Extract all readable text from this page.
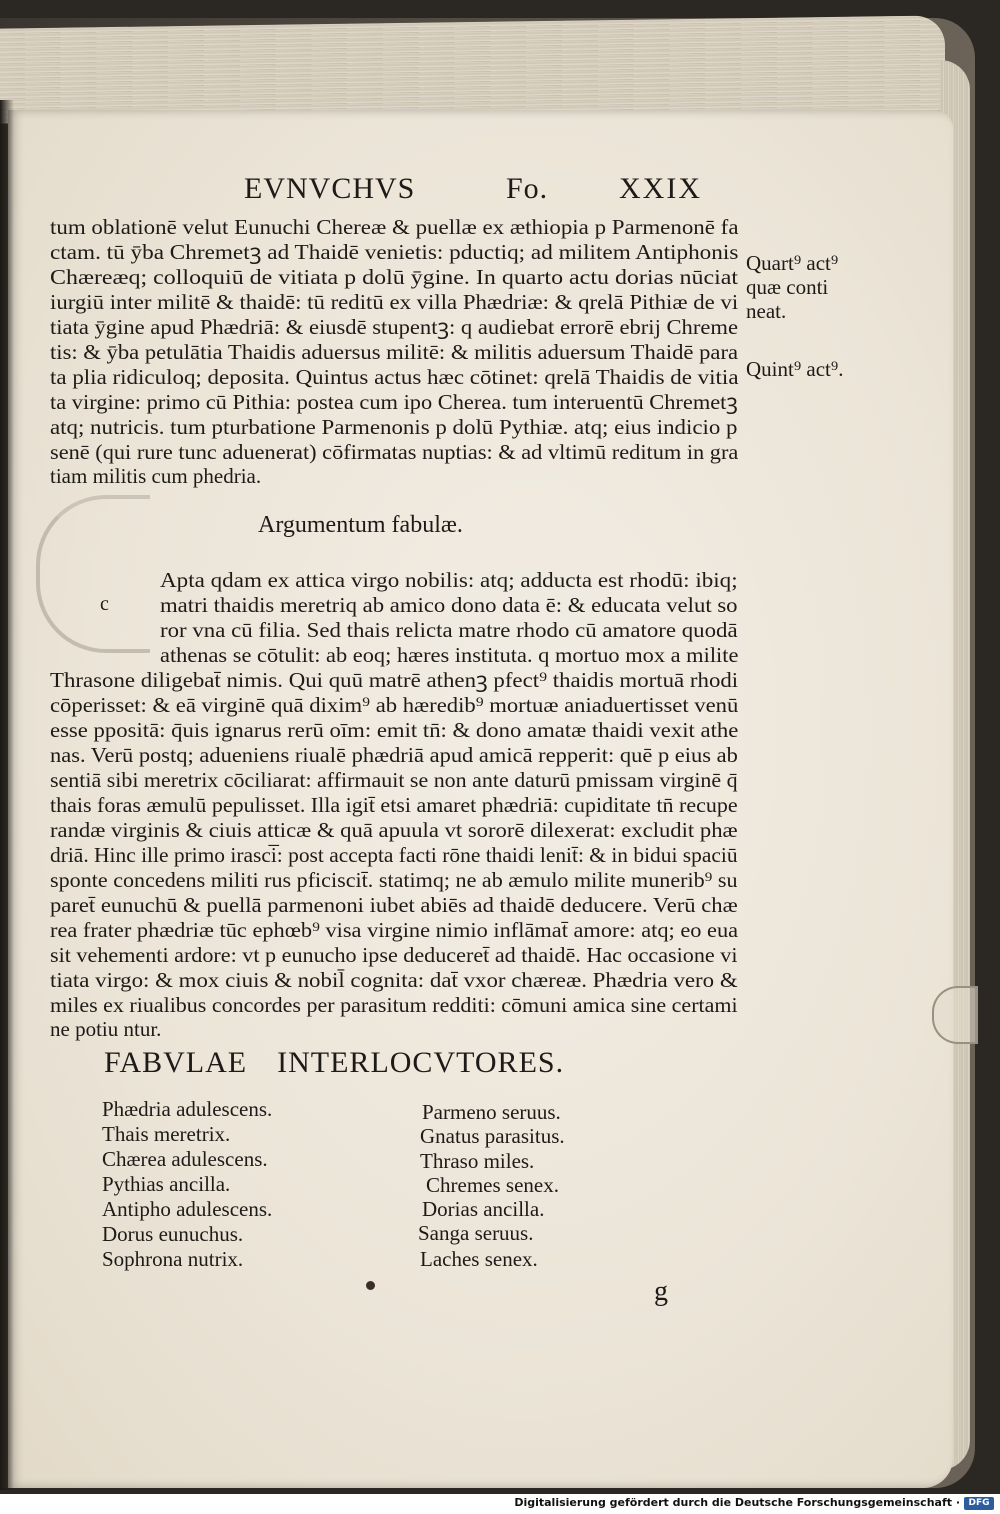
EVNVCHVS	Fo. XXIX
tum oblationē velut Eunuchi Chereæ & puellæ ex æthiopia p Parmenonē fa
ctam. tū ȳba Chremetꝫ ad Thaidē venietis: pductiq; ad militem Antiphonis
Chæreæq; colloquiū de vitiata p dolū ȳgine. In quarto actu dorias nūciat
iurgiū inter militē & thaidē: tū reditū ex villa Phædriæ: & qrelā Pithiæ de vi
tiata ȳgine apud Phædriā: & eiusdē stupentꝫ: q audiebat errorē ebrij Chreme
tis: & ȳba petulātia Thaidis aduersus militē: & militis aduersum Thaidē para
ta plia ridiculoq; deposita. Quintus actus hæc cōtinet: qrelā Thaidis de vitia
ta virgine: primo cū Pithia: postea cum ipo Cherea. tum interuentū Chremetꝫ
atq; nutricis. tum pturbatione Parmenonis p dolū Pythiæ. atq; eius indicio p
senē (qui rure tunc aduenerat) cōfirmatas nuptias: & ad vltimū reditum in gra
tiam militis cum phedria.
Quart⁹ act⁹
quæ conti
neat.
Quint⁹ act⁹.
Argumentum fabulæ.
c
Apta qdam ex attica virgo nobilis: atq; adducta est rhodū: ibiq;
matri thaidis meretriq ab amico dono data ē: & educata velut so
ror vna cū filia. Sed thais relicta matre rhodo cū amatore quodā
athenas se cōtulit: ab eoq; hæres instituta. q mortuo mox a milite
Thrasone diligebat̄ nimis. Qui quū matrē athenꝫ pfect⁹ thaidis mortuā rhodi
cōperisset: & eā virginē quā dixim⁹ ab hæredib⁹ mortuæ aniaduertisset venū
esse ppositā: q̄uis ignarus rerū oīm: emit tn̄: & dono amatæ thaidi vexit athe
nas. Verū postq; adueniens riualē phædriā apud amicā repperit: quē p eius ab
sentiā sibi meretrix cōciliarat: affirmauit se non ante daturū pmissam virginē q̄
thais foras æmulū pepulisset. Illa igit̄ etsi amaret phædriā: cupiditate tn̄ recupe
randæ virginis & ciuis atticæ & quā apuula vt sororē dilexerat: excludit phæ
driā. Hinc ille primo irasci̅: post accepta facti rōne thaidi lenit̄: & in bidui spaciū
sponte concedens militi rus pficiscit̄. statimq; ne ab æmulo milite munerib⁹ su
paret̄ eunuchū & puellā parmenoni iubet abiēs ad thaidē deducere. Verū chæ
rea frater phædriæ tūc ephœb⁹ visa virgine nimio inflāmat̄ amore: atq; eo eua
sit vehementi ardore: vt p eunucho ipse deduceret̄ ad thaidē. Hac occasione vi
tiata virgo: & mox ciuis & nobil̄ cognita: dat̄ vxor chæreæ. Phædria vero &
miles ex riualibus concordes per parasitum redditi: cōmuni amica sine certami
ne potiu ntur.
FABVLAE INTERLOCVTORES.
Phædria adulescens.
Thais meretrix.
Chærea adulescens.
Pythias ancilla.
Antipho adulescens.
Dorus eunuchus.
Sophrona nutrix.
Parmeno seruus.
Gnatus parasitus.
Thraso miles.
Chremes senex.
Dorias ancilla.
Sanga seruus.
Laches senex.
g
Digitalisierung gefördert durch die Deutsche Forschungsgemeinschaft · DFG
